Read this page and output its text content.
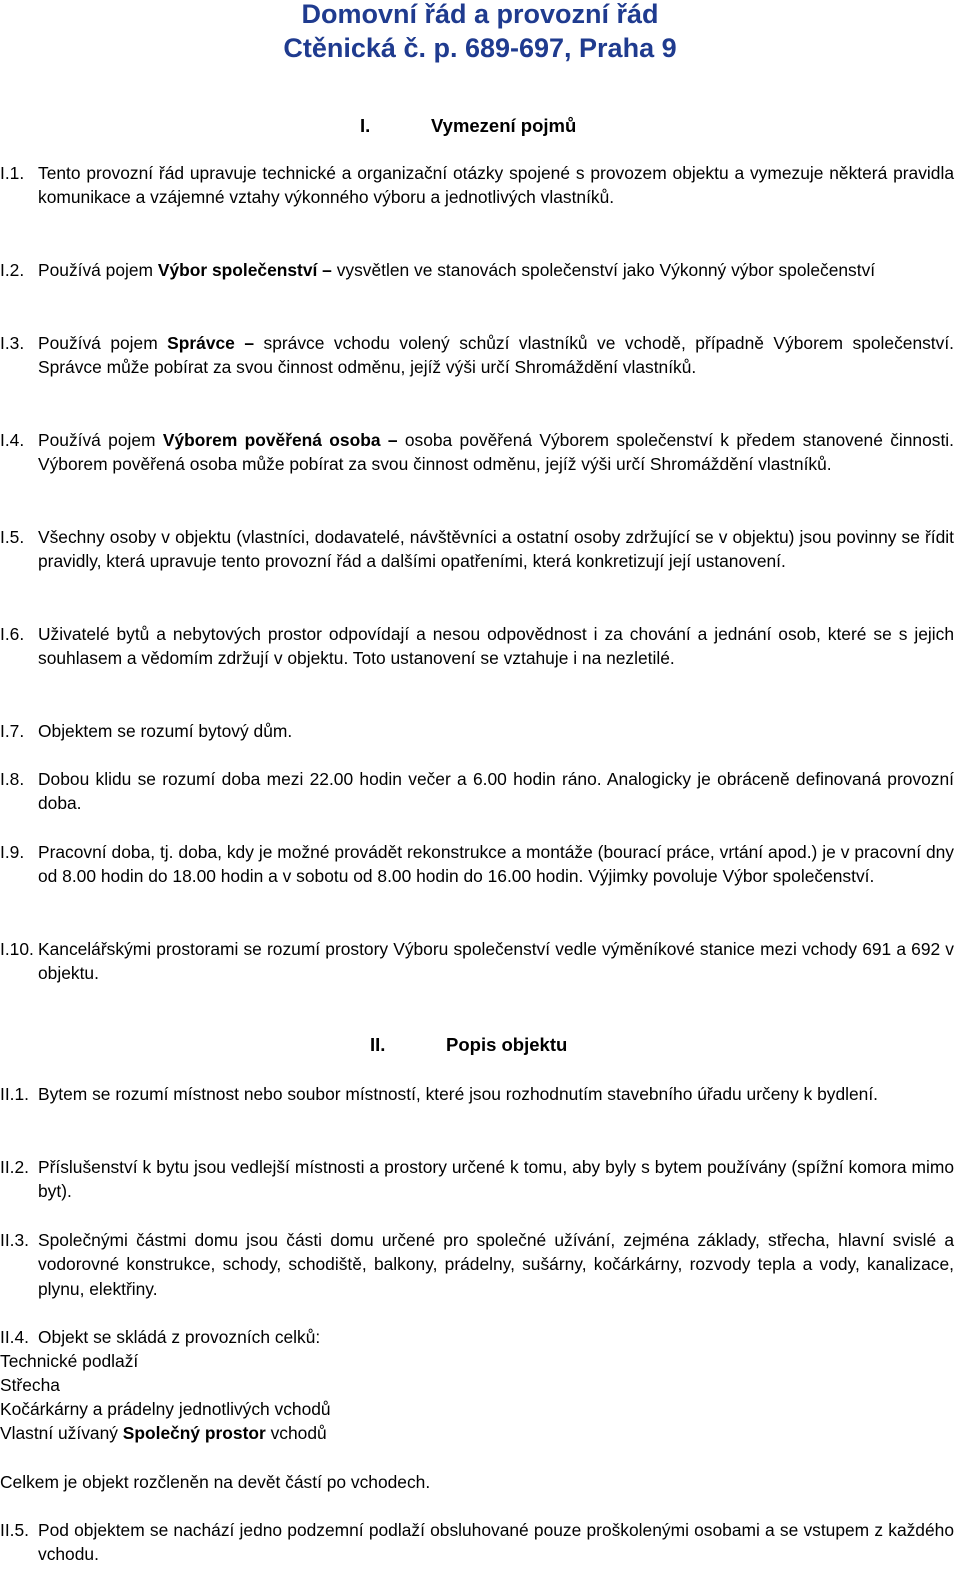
Domovní řád a provozní řád
Ctěnická č. p. 689-697, Praha 9
I.	Vymezení pojmů
I.1. Tento provozní řád upravuje technické a organizační otázky spojené s provozem objektu a vymezuje některá pravidla komunikace a vzájemné vztahy výkonného výboru a jednotlivých vlastníků.
I.2. Používá pojem Výbor společenství – vysvětlen ve stanovách společenství jako Výkonný výbor společenství
I.3. Používá pojem Správce – správce vchodu volený schůzí vlastníků ve vchodě, případně Výborem společenství. Správce může pobírat za svou činnost odměnu, jejíž výši určí Shromáždění vlastníků.
I.4. Používá pojem Výborem pověřená osoba – osoba pověřená Výborem společenství k předem stanovené činnosti. Výborem pověřená osoba může pobírat za svou činnost odměnu, jejíž výši určí Shromáždění vlastníků.
I.5. Všechny osoby v objektu (vlastníci, dodavatelé, návštěvníci a ostatní osoby zdržující se v objektu) jsou povinny se řídit pravidly, která upravuje tento provozní řád a dalšími opatřeními, která konkretizují její ustanovení.
I.6. Uživatelé bytů a nebytových prostor odpovídají a nesou odpovědnost i za chování a jednání osob, které se s jejich souhlasem a vědomím zdržují v objektu. Toto ustanovení se vztahuje i na nezletilé.
I.7. Objektem se rozumí bytový dům.
I.8. Dobou klidu se rozumí doba mezi 22.00 hodin večer a 6.00 hodin ráno. Analogicky je obráceně definovaná provozní doba.
I.9. Pracovní doba, tj. doba, kdy je možné provádět rekonstrukce a montáže (bourací práce, vrtání apod.) je v pracovní dny od 8.00 hodin do 18.00 hodin a v sobotu od 8.00 hodin do 16.00 hodin. Výjimky povoluje Výbor společenství.
I.10. Kancelářskými prostorami se rozumí prostory Výboru společenství vedle výměníkové stanice mezi vchody 691 a 692 v objektu.
II.	Popis objektu
II.1. Bytem se rozumí místnost nebo soubor místností, které jsou rozhodnutím stavebního úřadu určeny k bydlení.
II.2. Příslušenství k bytu jsou vedlejší místnosti a prostory určené k tomu, aby byly s bytem používány (spížní komora mimo byt).
II.3. Společnými částmi domu jsou části domu určené pro společné užívání, zejména základy, střecha, hlavní svislé a vodorovné konstrukce, schody, schodiště, balkony, prádelny, sušárny, kočárkárny, rozvody tepla a vody, kanalizace, plynu, elektřiny.
II.4. Objekt se skládá z provozních celků:
Technické podlaží
Střecha
Kočárkárny a prádelny jednotlivých vchodů
Vlastní užívaný Společný prostor vchodů
Celkem je objekt rozčleněn na devět částí po vchodech.
II.5. Pod objektem se nachází jedno podzemní podlaží obsluhované pouze proškolenými osobami a se vstupem z každého vchodu.
